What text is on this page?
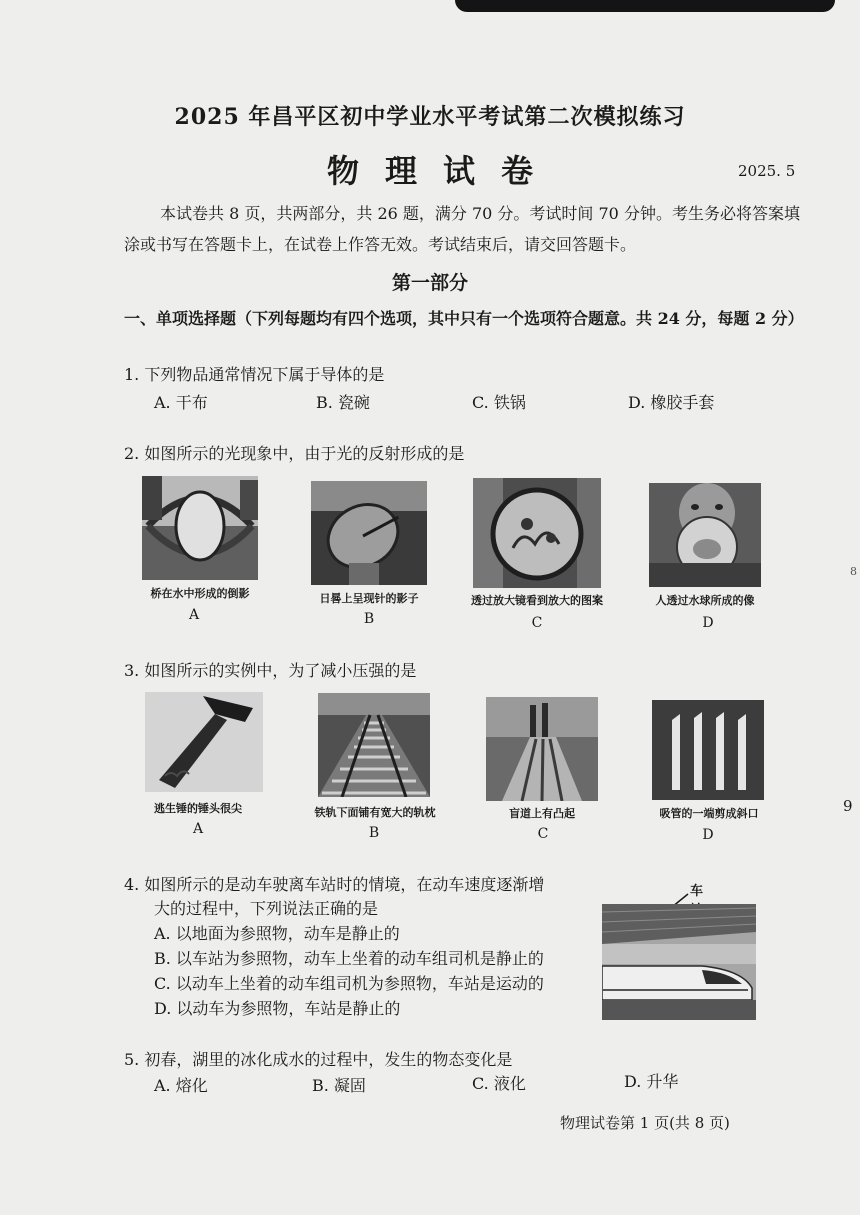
2025 年昌平区初中学业水平考试第二次模拟练习
物理试卷	2025. 5
本试卷共 8 页，共两部分，共 26 题，满分 70 分。考试时间 70 分钟。考生务必将答案填涂或书写在答题卡上，在试卷上作答无效。考试结束后，请交回答题卡。
第一部分
一、单项选择题（下列每题均有四个选项，其中只有一个选项符合题意。共 24 分，每题 2 分）
1. 下列物品通常情况下属于导体的是
A. 干布	B. 瓷碗	C. 铁锅	D. 橡胶手套
2. 如图所示的光现象中，由于光的反射形成的是
桥在水中形成的倒影
A
日晷上呈现针的影子
B
透过放大镜看到放大的图案
C
人透过水球所成的像
D
3. 如图所示的实例中，为了减小压强的是
逃生锤的锤头很尖
A
铁轨下面铺有宽大的轨枕
B
盲道上有凸起
C
吸管的一端剪成斜口
D
4. 如图所示的是动车驶离车站时的情境，在动车速度逐渐增
大的过程中，下列说法正确的是
A. 以地面为参照物，动车是静止的
B. 以车站为参照物，动车上坐着的动车组司机是静止的
C. 以动车上坐着的动车组司机为参照物，车站是运动的
D. 以动车为参照物，车站是静止的
车
5. 初春，湖里的冰化成水的过程中，发生的物态变化是
A. 熔化	B. 凝固	C. 液化	D. 升华
物理试卷第 1 页(共 8 页)
9
8
